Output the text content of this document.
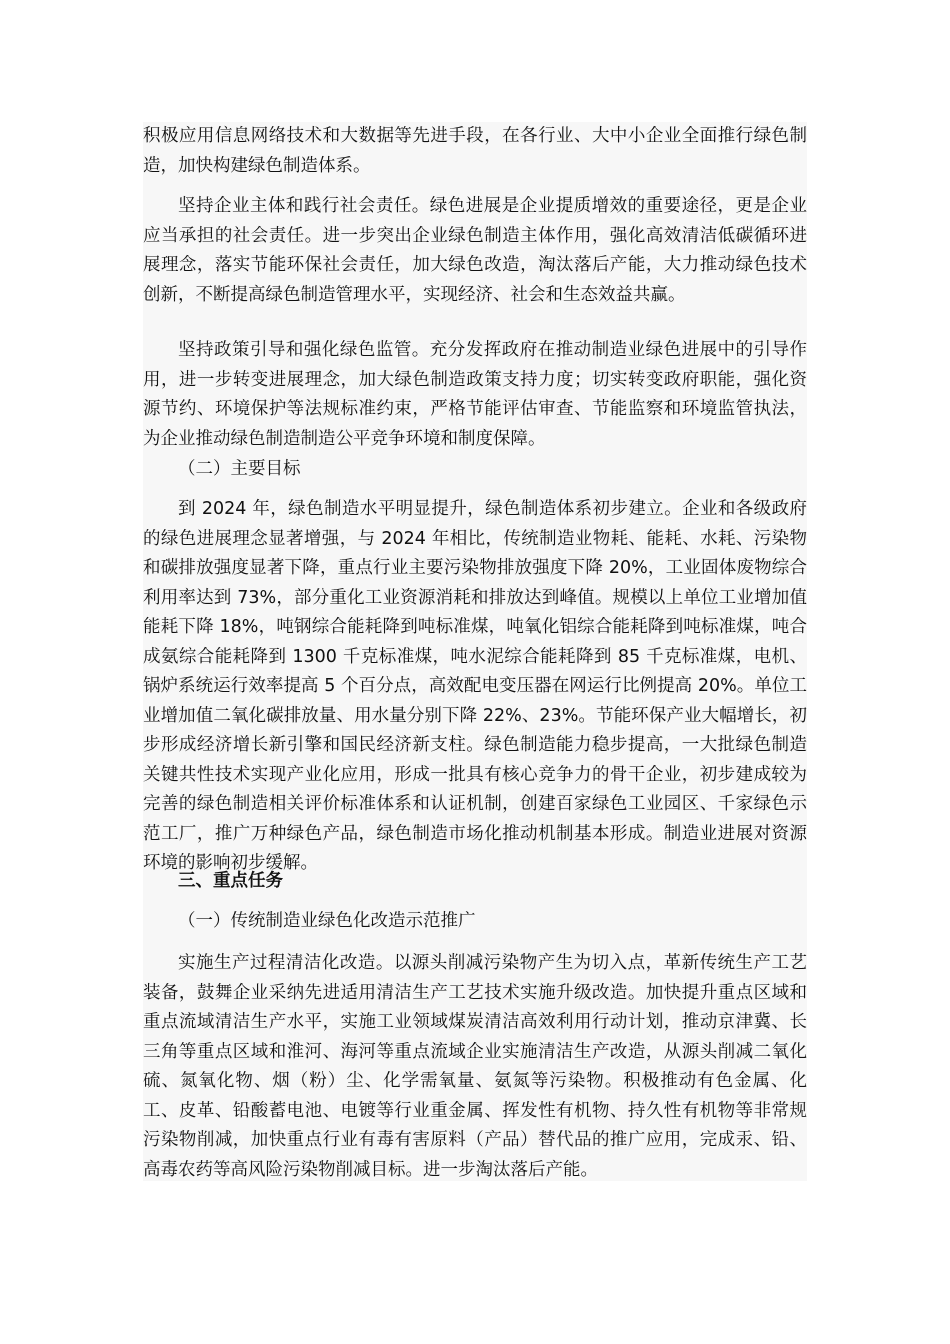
积极应用信息网络技术和大数据等先进手段，在各行业、大中小企业全面推行绿色制造，加快构建绿色制造体系。

坚持企业主体和践行社会责任。绿色进展是企业提质增效的重要途径，更是企业应当承担的社会责任。进一步突出企业绿色制造主体作用，强化高效清洁低碳循环进展理念，落实节能环保社会责任，加大绿色改造，淘汰落后产能，大力推动绿色技术创新，不断提高绿色制造管理水平，实现经济、社会和生态效益共赢。

坚持政策引导和强化绿色监管。充分发挥政府在推动制造业绿色进展中的引导作用，进一步转变进展理念，加大绿色制造政策支持力度；切实转变政府职能，强化资源节约、环境保护等法规标准约束，严格节能评估审查、节能监察和环境监管执法，为企业推动绿色制造制造公平竞争环境和制度保障。

（二）主要目标

到 2024 年，绿色制造水平明显提升，绿色制造体系初步建立。企业和各级政府的绿色进展理念显著增强，与 2024 年相比，传统制造业物耗、能耗、水耗、污染物和碳排放强度显著下降，重点行业主要污染物排放强度下降 20%，工业固体废物综合利用率达到 73%，部分重化工业资源消耗和排放达到峰值。规模以上单位工业增加值能耗下降 18%，吨钢综合能耗降到吨标准煤，吨氧化铝综合能耗降到吨标准煤，吨合成氨综合能耗降到 1300 千克标准煤，吨水泥综合能耗降到 85 千克标准煤，电机、锅炉系统运行效率提高 5 个百分点，高效配电变压器在网运行比例提高 20%。单位工业增加值二氧化碳排放量、用水量分别下降 22%、23%。节能环保产业大幅增长，初步形成经济增长新引擎和国民经济新支柱。绿色制造能力稳步提高，一大批绿色制造关键共性技术实现产业化应用，形成一批具有核心竞争力的骨干企业，初步建成较为完善的绿色制造相关评价标准体系和认证机制，创建百家绿色工业园区、千家绿色示范工厂，推广万种绿色产品，绿色制造市场化推动机制基本形成。制造业进展对资源环境的影响初步缓解。

三、重点任务

（一）传统制造业绿色化改造示范推广

实施生产过程清洁化改造。以源头削减污染物产生为切入点，革新传统生产工艺装备，鼓舞企业采纳先进适用清洁生产工艺技术实施升级改造。加快提升重点区域和重点流域清洁生产水平，实施工业领域煤炭清洁高效利用行动计划，推动京津冀、长三角等重点区域和淮河、海河等重点流域企业实施清洁生产改造，从源头削减二氧化硫、氮氧化物、烟（粉）尘、化学需氧量、氨氮等污染物。积极推动有色金属、化工、皮革、铅酸蓄电池、电镀等行业重金属、挥发性有机物、持久性有机物等非常规污染物削减，加快重点行业有毒有害原料（产品）替代品的推广应用，完成汞、铅、高毒农药等高风险污染物削减目标。进一步淘汰落后产能。
